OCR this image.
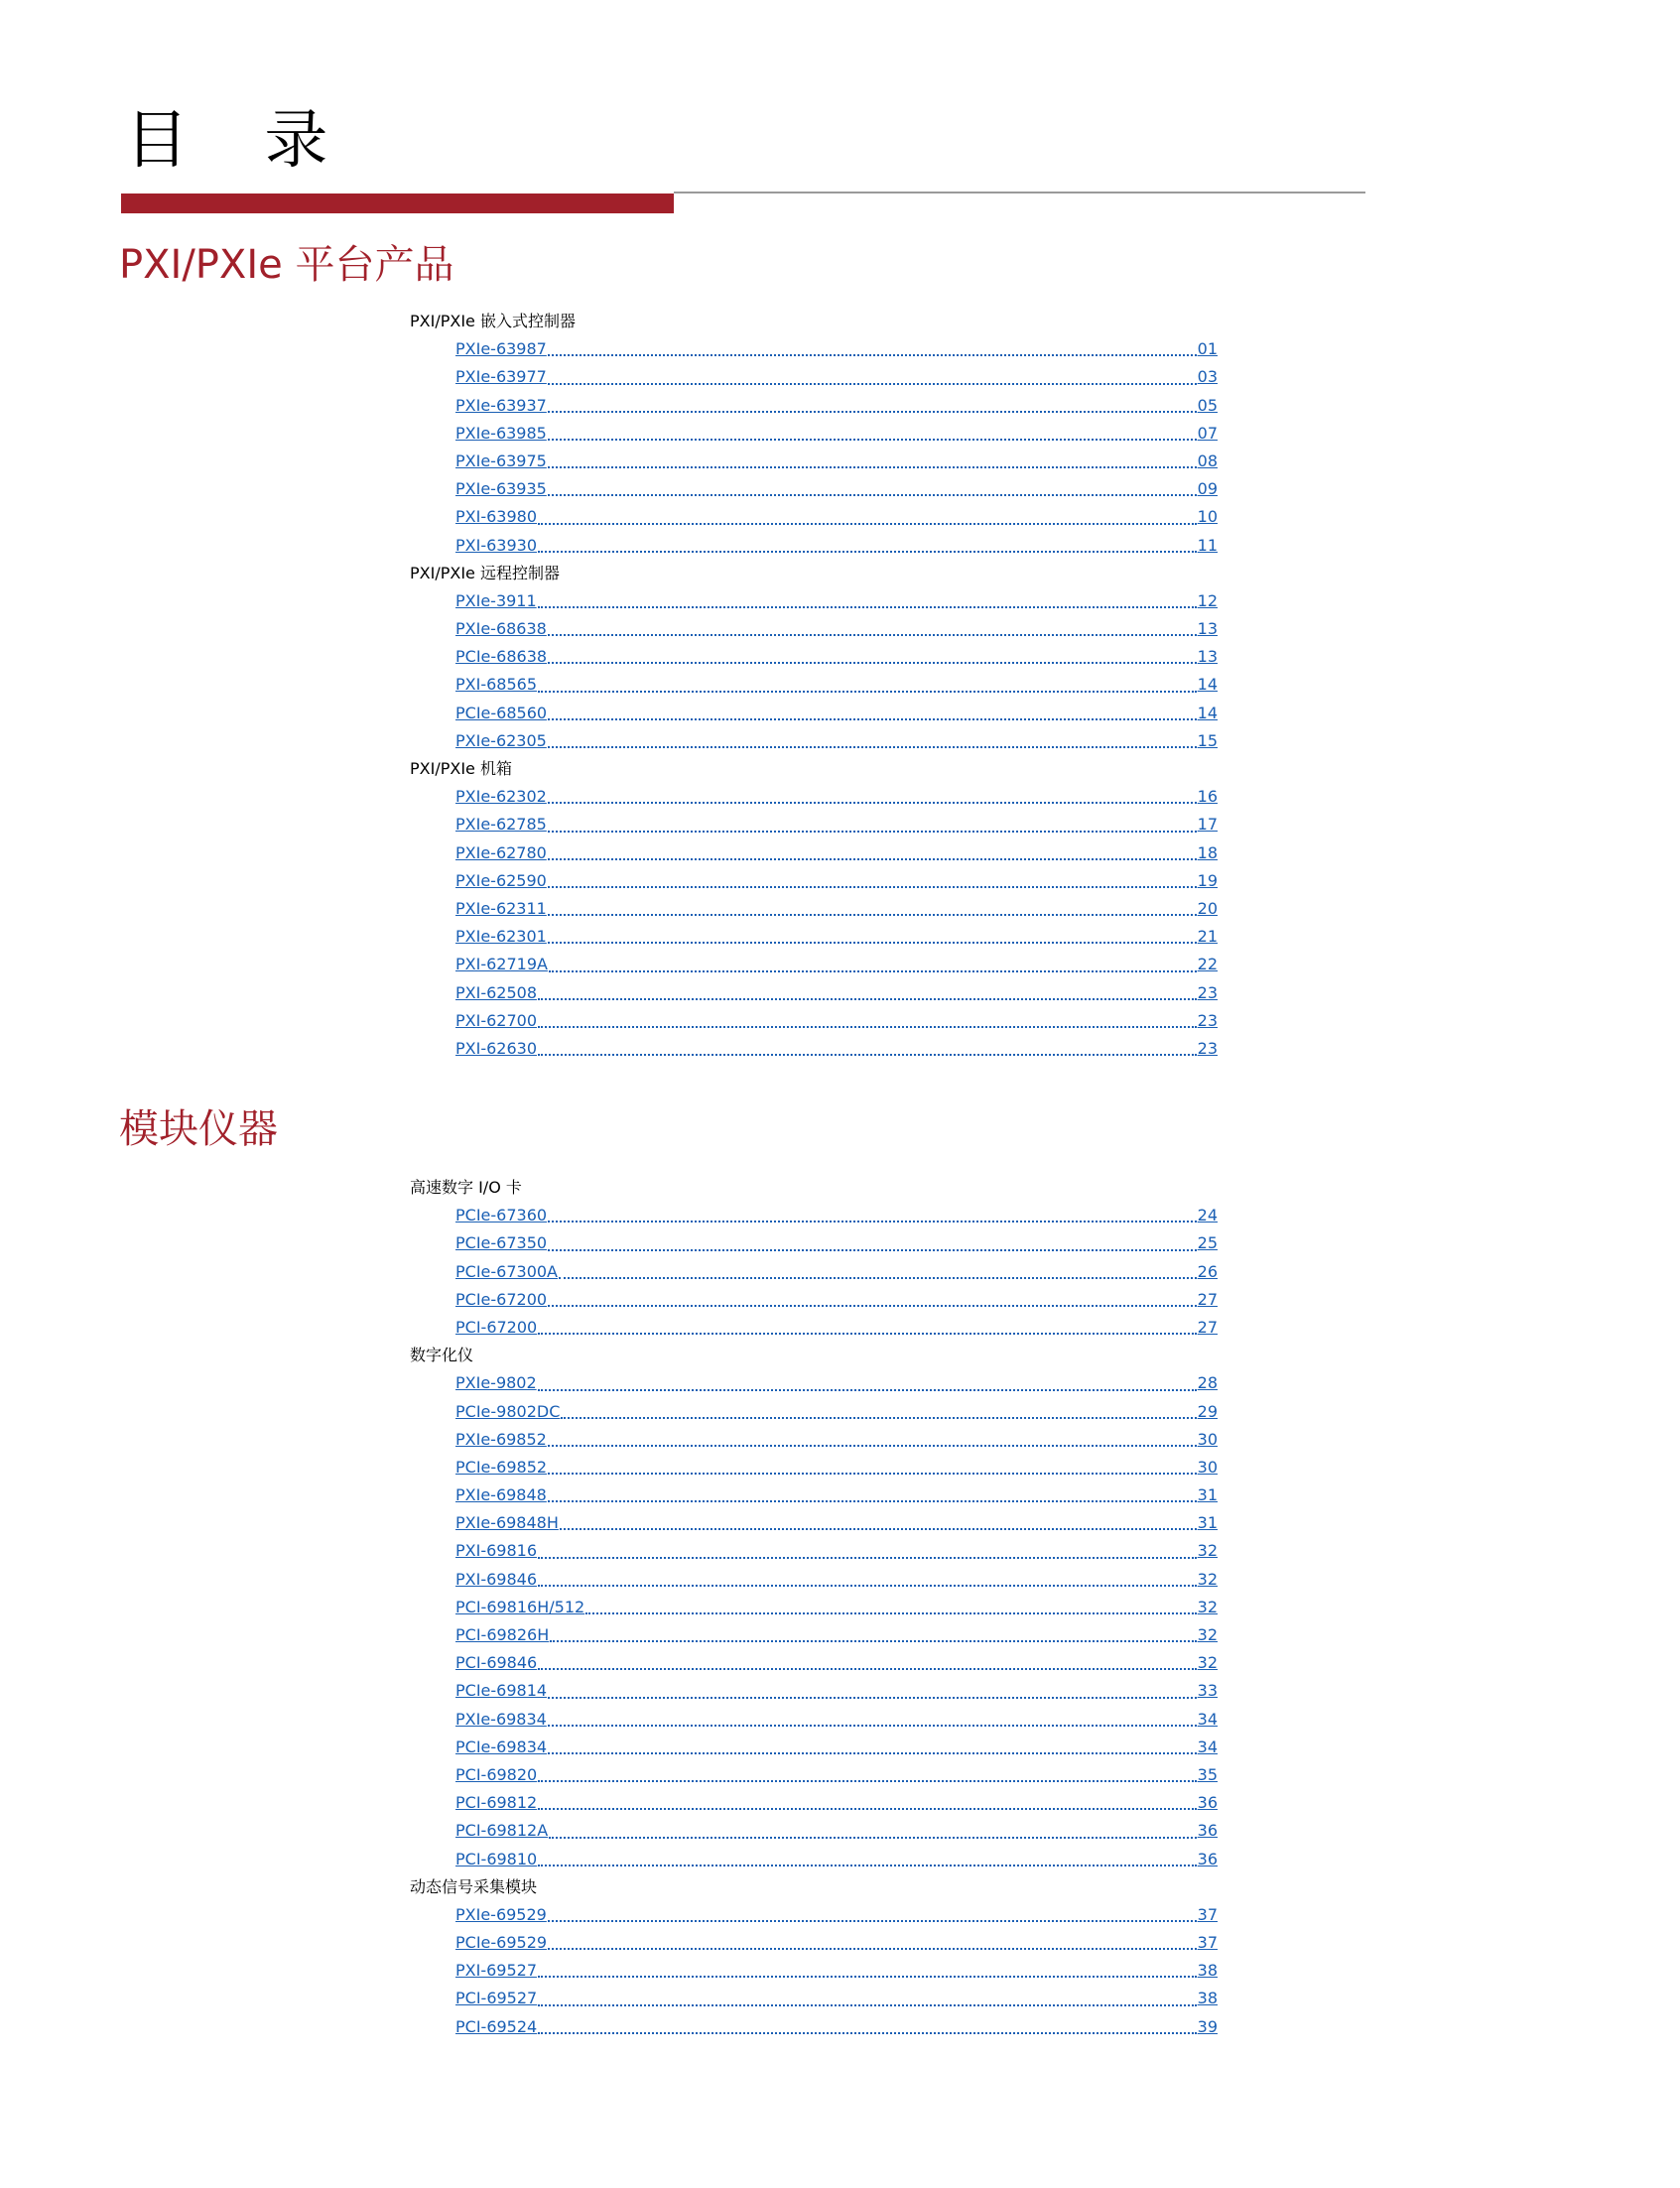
目 录
PXI/PXIe 平台产品
PXI/PXIe 嵌入式控制器
PXIe-63987	01
PXIe-63977	03
PXIe-63937	05
PXIe-63985	07
PXIe-63975	08
PXIe-63935	09
PXI-63980	10
PXI-63930	11
PXI/PXIe 远程控制器
PXIe-3911	12
PXIe-68638	13
PCIe-68638	13
PXI-68565	14
PCIe-68560	14
PXIe-62305	15
PXI/PXIe 机箱
PXIe-62302	16
PXIe-62785	17
PXIe-62780	18
PXIe-62590	19
PXIe-62311	20
PXIe-62301	21
PXI-62719A	22
PXI-62508	23
PXI-62700	23
PXI-62630	23
模块仪器
高速数字 I/O 卡
PCIe-67360	24
PCIe-67350	25
PCIe-67300A	26
PCIe-67200	27
PCI-67200	27
数字化仪
PXIe-9802	28
PCIe-9802DC	29
PXIe-69852	30
PCIe-69852	30
PXIe-69848	31
PXIe-69848H	31
PXI-69816	32
PXI-69846	32
PCI-69816H/512	32
PCI-69826H	32
PCI-69846	32
PCIe-69814	33
PXIe-69834	34
PCIe-69834	34
PCI-69820	35
PCI-69812	36
PCI-69812A	36
PCI-69810	36
动态信号采集模块
PXIe-69529	37
PCIe-69529	37
PXI-69527	38
PCI-69527	38
PCI-69524	39
